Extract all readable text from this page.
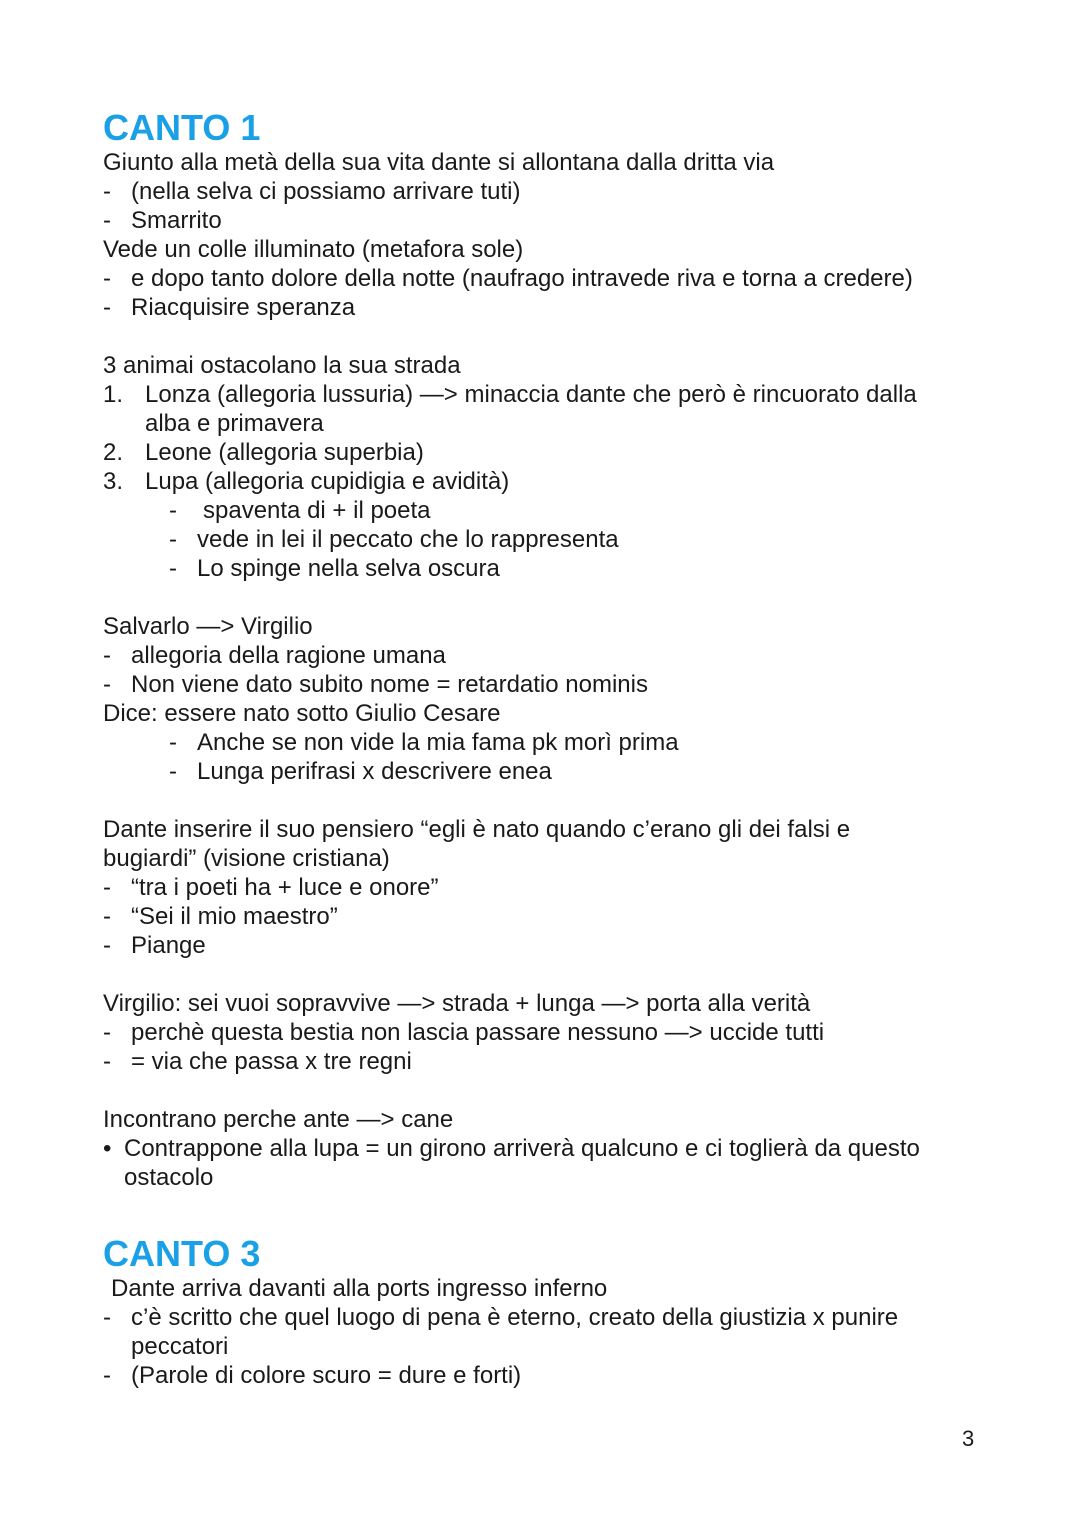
CANTO 1

Giunto alla metà della sua vita dante si allontana dalla dritta via

- (nella selva ci possiamo arrivare tuti)
- Smarrito

Vede un colle illuminato (metafora sole)

- e dopo tanto dolore della notte (naufrago intravede riva e torna a credere)
- Riacquisire speranza

3 animai ostacolano la sua strada

1. Lonza (allegoria lussuria) —> minaccia dante che però è rincuorato dalla alba e primavera
2. Leone (allegoria superbia)
3. Lupa (allegoria cupidigia e avidità)
-	spaventa di + il poeta
- vede in lei il peccato che lo rappresenta
- Lo spinge nella selva oscura

Salvarlo —> Virgilio

- allegoria della ragione umana
- Non viene dato subito nome = retardatio nominis

Dice: essere nato sotto Giulio Cesare

- Anche se non vide la mia fama pk morì prima
- Lunga perifrasi x descrivere enea

Dante inserire il suo pensiero “egli è nato quando c’erano gli dei falsi e bugiardi” (visione cristiana)

- “tra i poeti ha + luce e onore”
- “Sei il mio maestro”
- Piange

Virgilio: sei vuoi sopravvive —> strada + lunga —> porta alla verità

- perchè questa bestia non lascia passare nessuno —> uccide tutti
- = via che passa x tre regni

Incontrano perche ante —> cane

• Contrappone alla lupa = un girono arriverà qualcuno e ci toglierà da questo ostacolo
CANTO 3

Dante arriva davanti alla ports ingresso inferno

- c’è scritto che quel luogo di pena è eterno, creato della giustizia x punire peccatori
- (Parole di colore scuro = dure e forti)
3
